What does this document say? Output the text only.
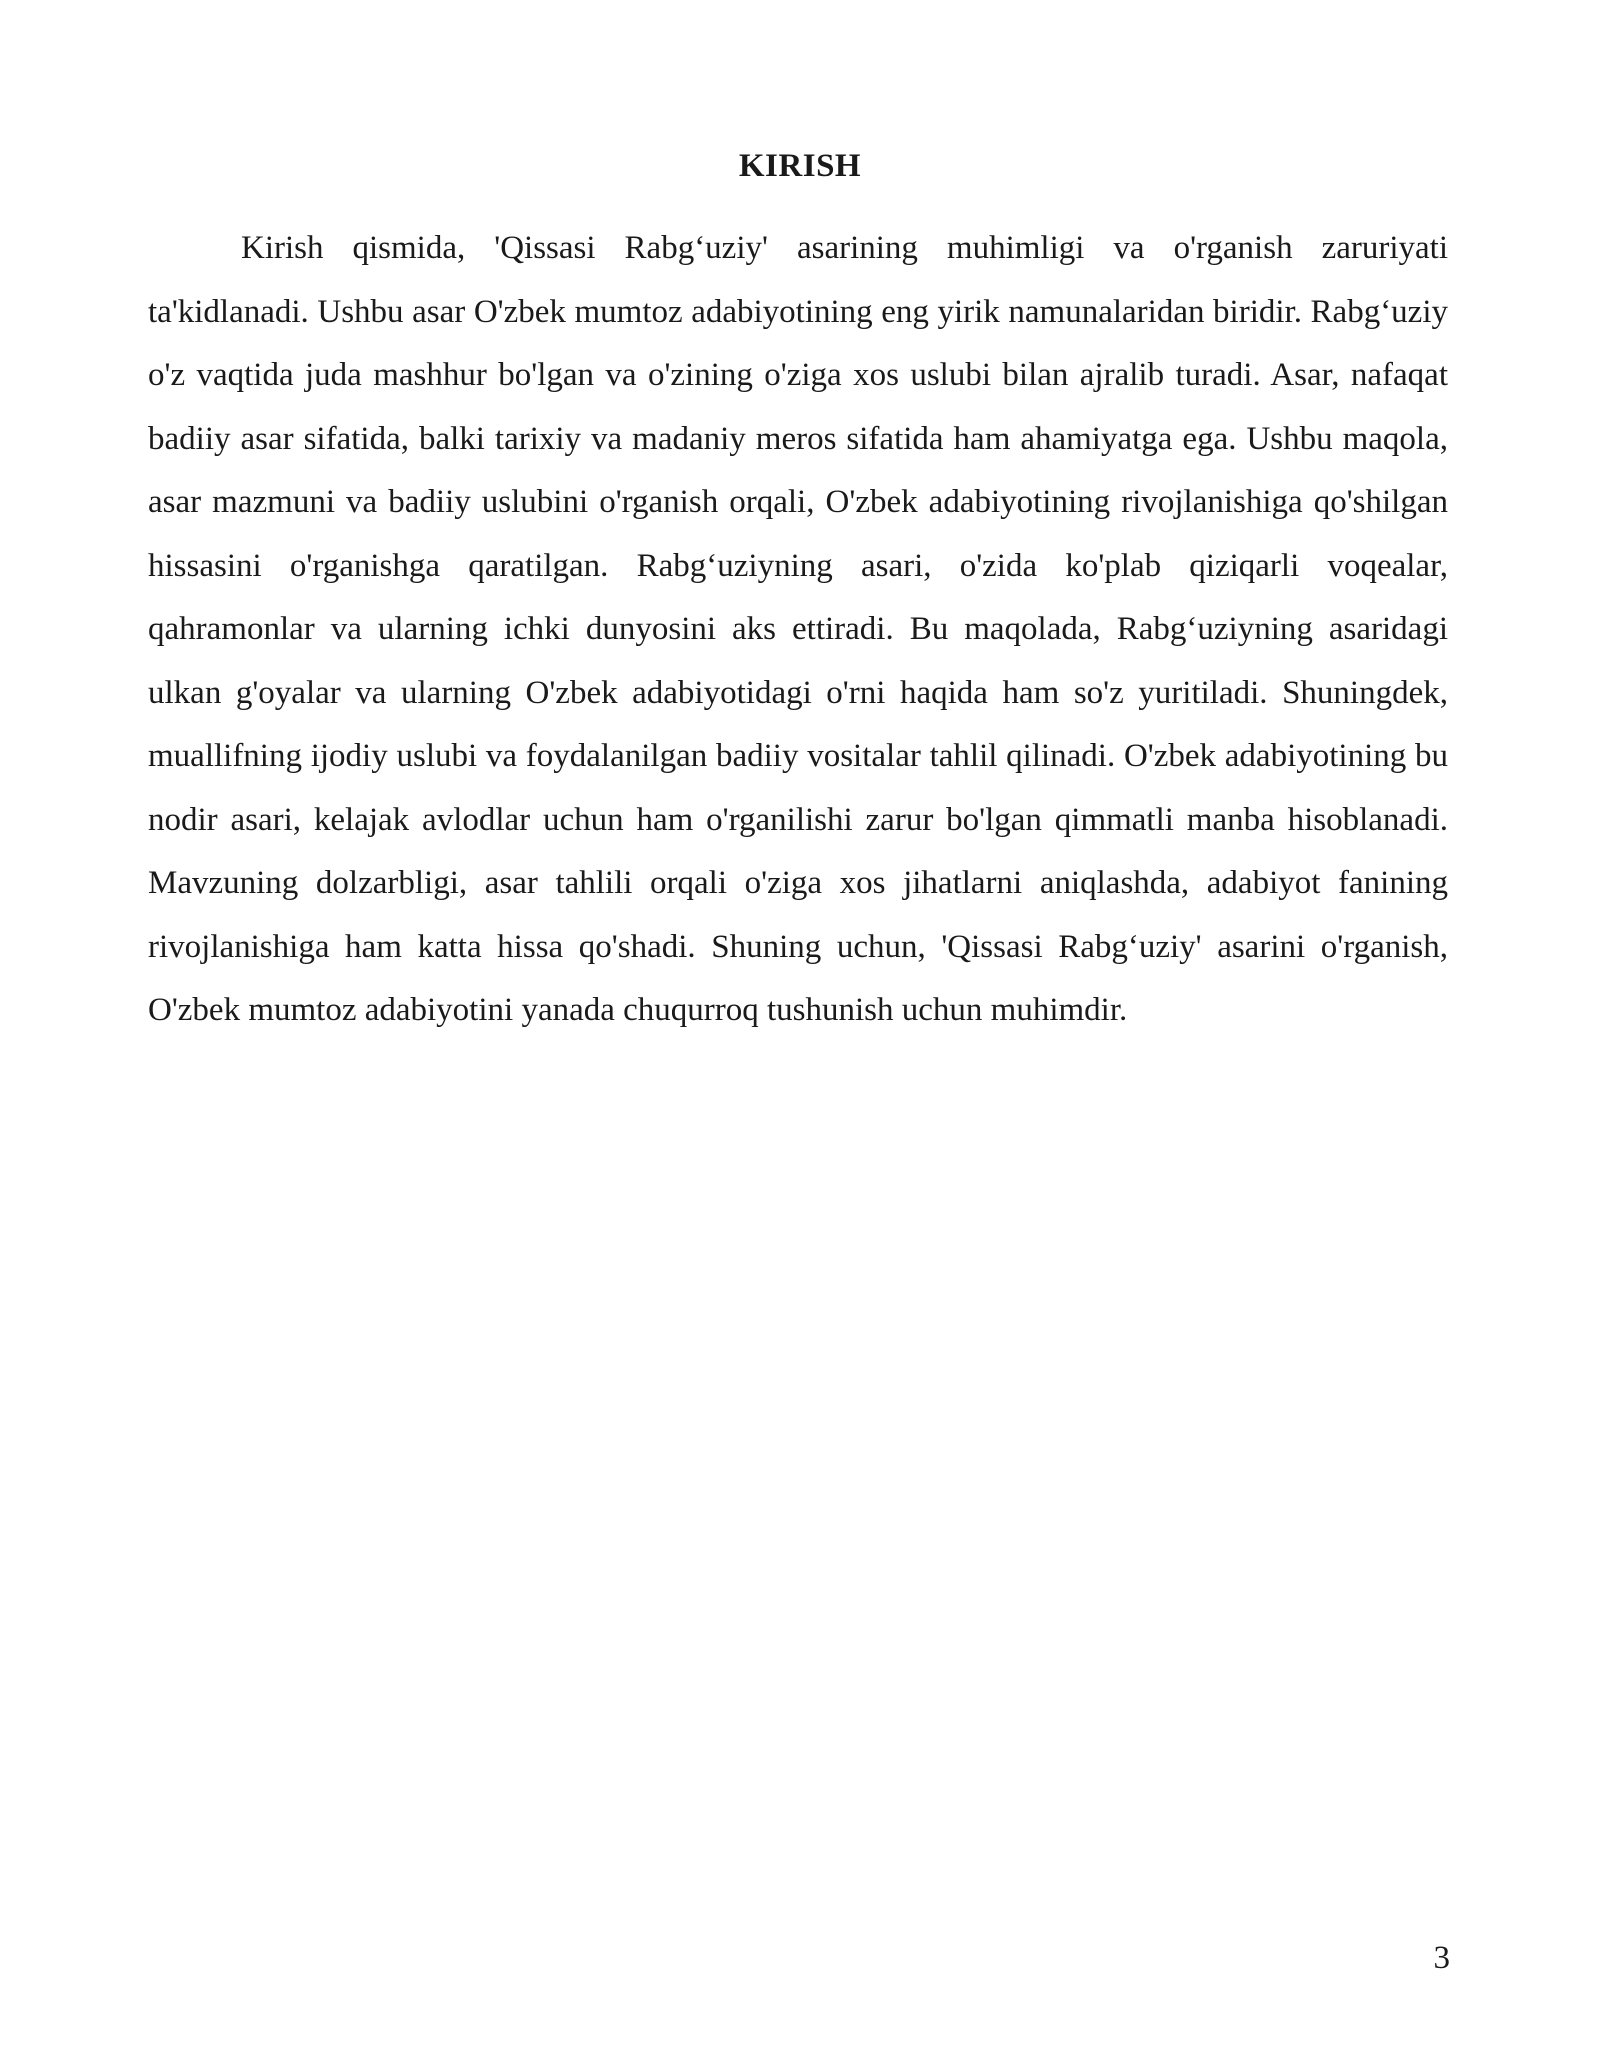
KIRISH

Kirish qismida, 'Qissasi Rabg‘uziy' asarining muhimligi va o'rganish zaruriyati ta'kidlanadi. Ushbu asar O'zbek mumtoz adabiyotining eng yirik namunalaridan biridir. Rabg‘uziy o'z vaqtida juda mashhur bo'lgan va o'zining o'ziga xos uslubi bilan ajralib turadi. Asar, nafaqat badiiy asar sifatida, balki tarixiy va madaniy meros sifatida ham ahamiyatga ega. Ushbu maqola, asar mazmuni va badiiy uslubini o'rganish orqali, O'zbek adabiyotining rivojlanishiga qo'shilgan hissasini o'rganishga qaratilgan. Rabg‘uziyning asari, o'zida ko'plab qiziqarli voqealar, qahramonlar va ularning ichki dunyosini aks ettiradi. Bu maqolada, Rabg‘uziyning asaridagi ulkan g'oyalar va ularning O'zbek adabiyotidagi o'rni haqida ham so'z yuritiladi. Shuningdek, muallifning ijodiy uslubi va foydalanilgan badiiy vositalar tahlil qilinadi. O'zbek adabiyotining bu nodir asari, kelajak avlodlar uchun ham o'rganilishi zarur bo'lgan qimmatli manba hisoblanadi. Mavzuning dolzarbligi, asar tahlili orqali o'ziga xos jihatlarni aniqlashda, adabiyot fanining rivojlanishiga ham katta hissa qo'shadi. Shuning uchun, 'Qissasi Rabg‘uziy' asarini o'rganish, O'zbek mumtoz adabiyotini yanada chuqurroq tushunish uchun muhimdir.

3
